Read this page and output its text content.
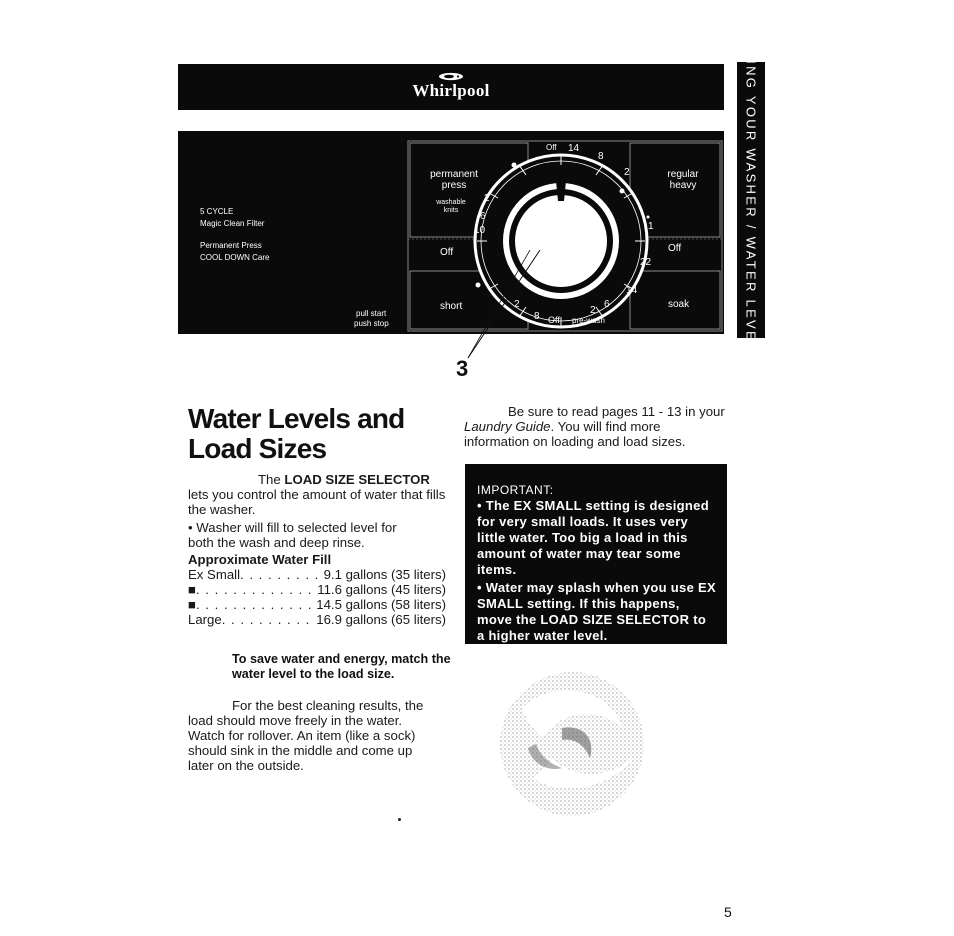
Whirlpool	USING YOUR WASHER / WATER LEVELS
5 CYCLE
Magic Clean Filter
Permanent Press
COOL DOWN Care
pull start
push stop
permanent press
washable knits
Off
short
regular heavy
Off
soak
Off
Off pre-wash
14
8
2
2
6
10
22
14
2
8
2
6
1
3
Water Levels and
Load Sizes
The LOAD SIZE SELECTOR lets you control the amount of water that fills the washer.
• Washer will fill to selected level for both the wash and deep rinse.
Approximate Water Fill
Ex Small . . .	9.1 gallons (35 liters)
■ . . .	11.6 gallons (45 liters)
■ . . .	14.5 gallons (58 liters)
Large . . .	16.9 gallons (65 liters)
To save water and energy, match the water level to the load size.
For the best cleaning results, the load should move freely in the water. Watch for rollover. An item (like a sock) should sink in the middle and come up later on the outside.
Be sure to read pages 11 - 13 in your Laundry Guide. You will find more information on loading and load sizes.
IMPORTANT:
• The EX SMALL setting is designed for very small loads. It uses very little water. Too big a load in this amount of water may tear some items.
• Water may splash when you use EX SMALL setting. If this happens, move the LOAD SIZE SELECTOR to a higher water level.
5
